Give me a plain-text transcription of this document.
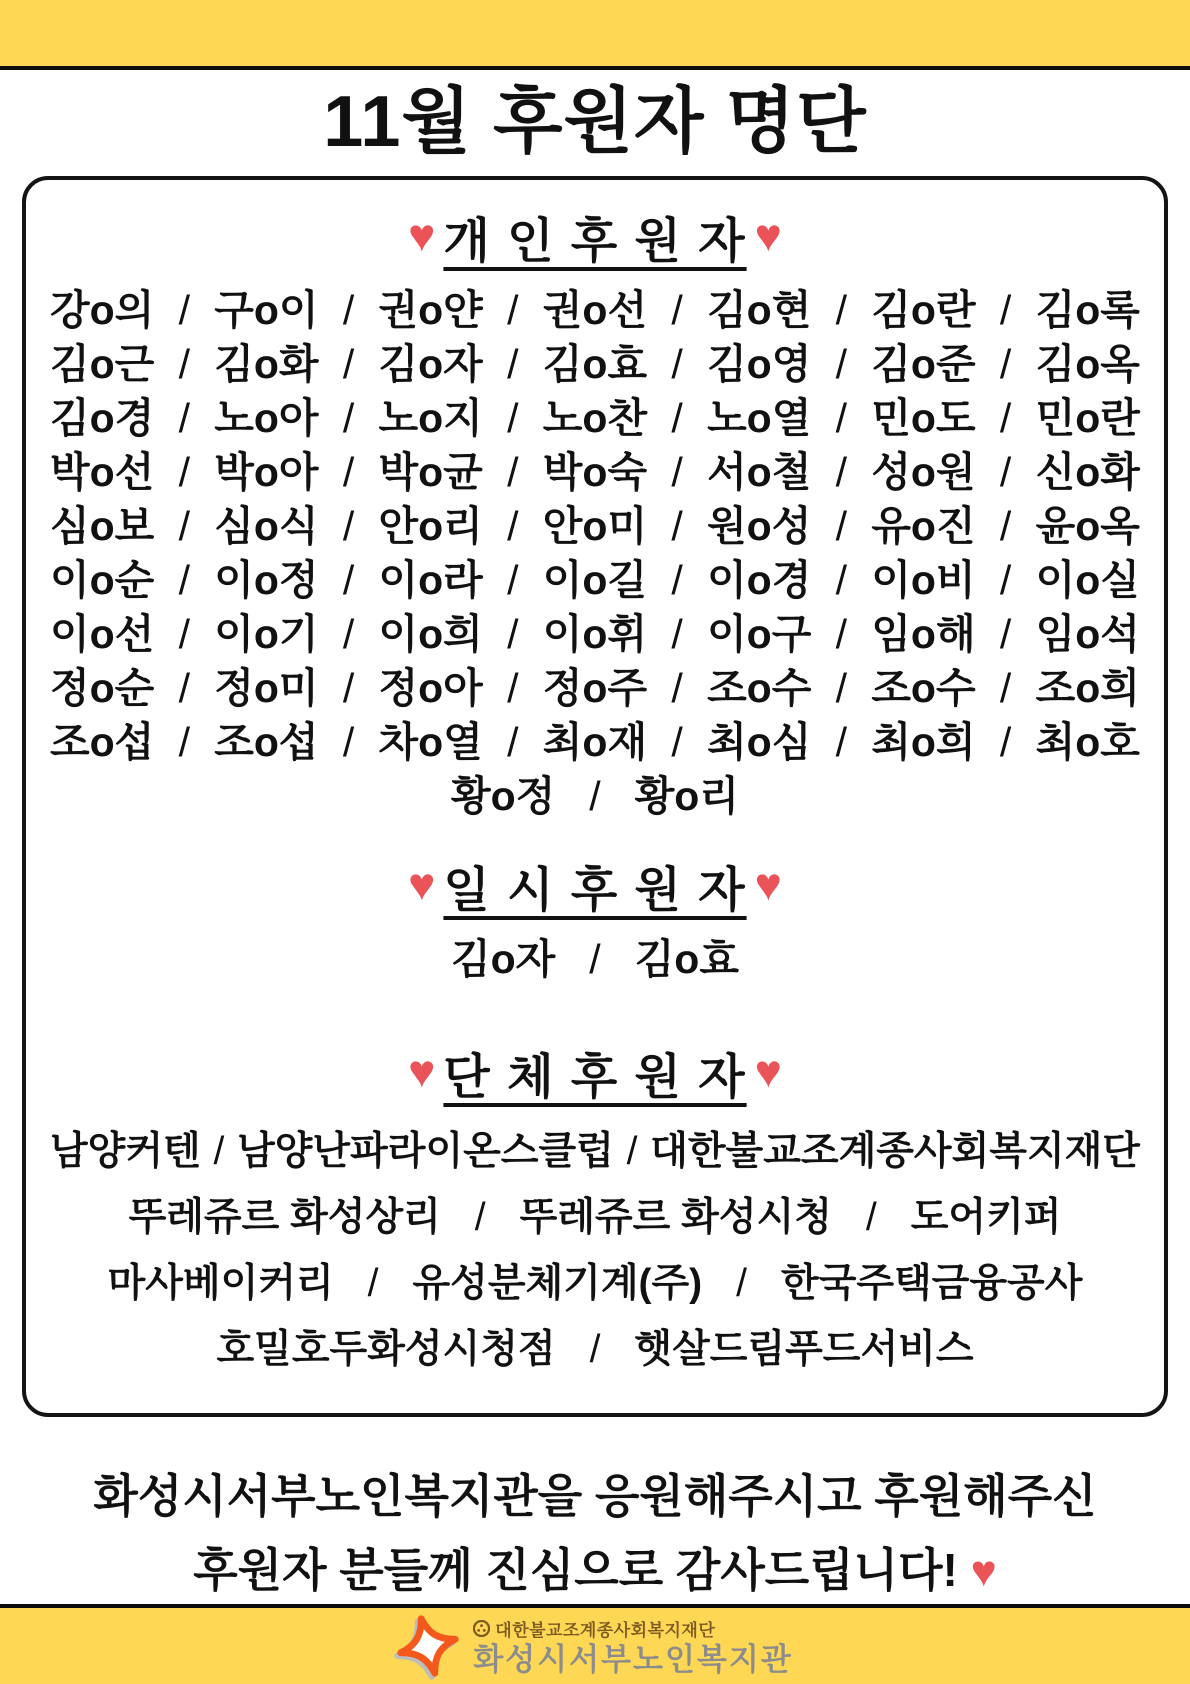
11월 후원자 명단
♥ 개 인 후 원 자 ♥
강o의 / 구o이 / 권o얀 / 권o선 / 김o현 / 김o란 / 김o록
김o근 / 김o화 / 김o자 / 김o효 / 김o영 / 김o준 / 김o옥
김o경 / 노o아 / 노o지 / 노o찬 / 노o열 / 민o도 / 민o란
박o선 / 박o아 / 박o균 / 박o숙 / 서o철 / 성o원 / 신o화
심o보 / 심o식 / 안o리 / 안o미 / 원o성 / 유o진 / 윤o옥
이o순 / 이o정 / 이o라 / 이o길 / 이o경 / 이o비 / 이o실
이o선 / 이o기 / 이o희 / 이o휘 / 이o구 / 임o해 / 임o석
정o순 / 정o미 / 정o아 / 정o주 / 조o수 / 조o수 / 조o희
조o섭 / 조o섭 / 차o열 / 최o재 / 최o심 / 최o희 / 최o호
황o정 / 황o리
♥ 일 시 후 원 자 ♥
김o자 / 김o효
♥ 단 체 후 원 자 ♥
남양커텐 / 남양난파라이온스클럽 / 대한불교조계종사회복지재단
뚜레쥬르 화성상리 / 뚜레쥬르 화성시청 / 도어키퍼
마사베이커리 / 유성분체기계(주) / 한국주택금융공사
호밀호두화성시청점 / 햇살드림푸드서비스
화성시서부노인복지관을 응원해주시고 후원해주신
후원자 분들께 진심으로 감사드립니다! ♥
대한불교조계종사회복지재단
화성시서부노인복지관
